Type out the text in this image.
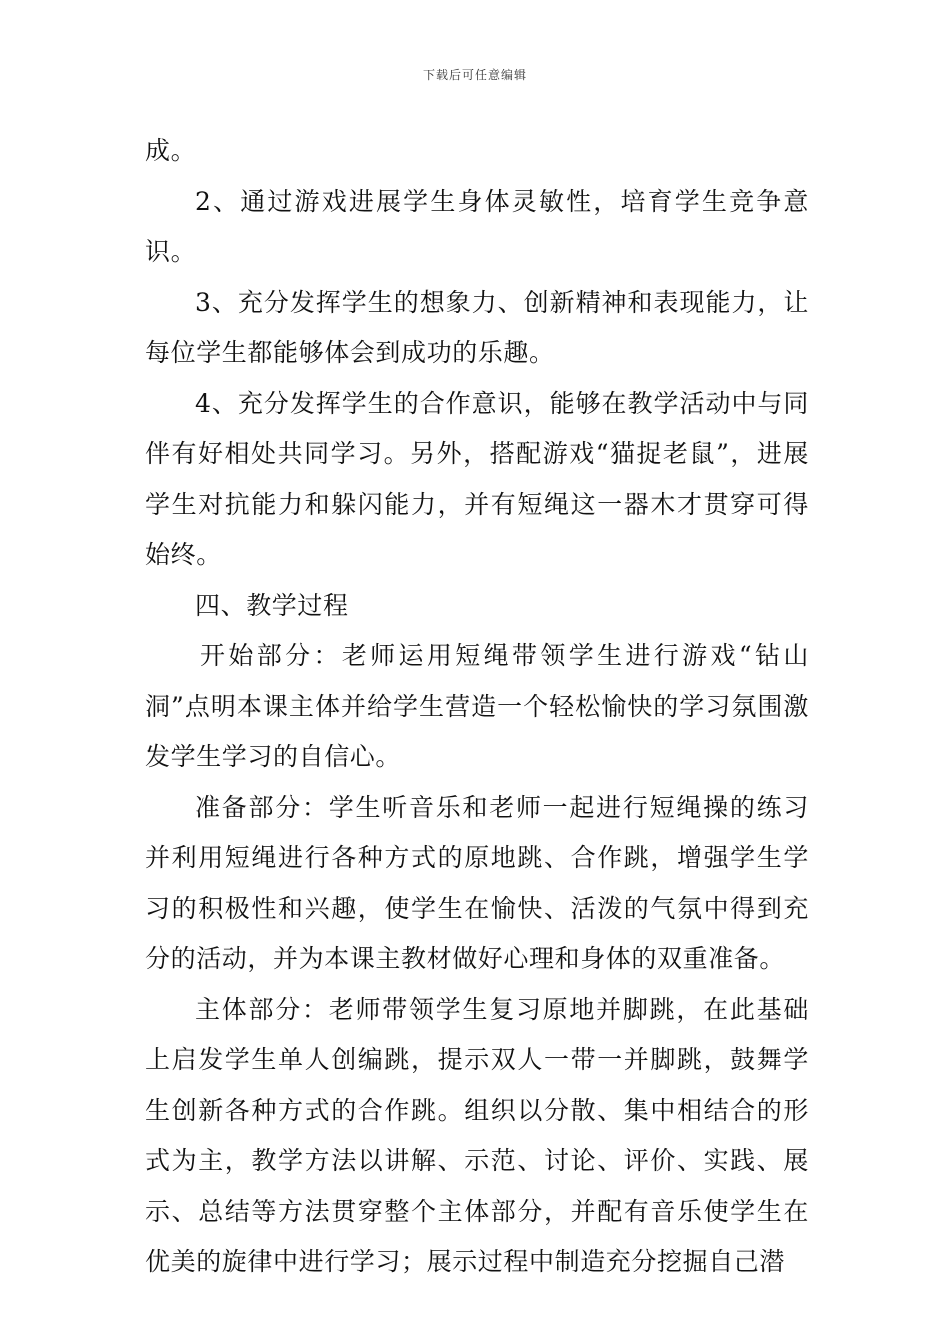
下载后可任意编辑

成。

2、通过游戏进展学生身体灵敏性，培育学生竞争意识。

3、充分发挥学生的想象力、创新精神和表现能力，让每位学生都能够体会到成功的乐趣。

4、充分发挥学生的合作意识，能够在教学活动中与同伴有好相处共同学习。另外，搭配游戏“猫捉老鼠”，进展学生对抗能力和躲闪能力，并有短绳这一器木才贯穿可得始终。

四、教学过程

开始部分：老师运用短绳带领学生进行游戏“钻山洞”点明本课主体并给学生营造一个轻松愉快的学习氛围激发学生学习的自信心。

准备部分：学生听音乐和老师一起进行短绳操的练习并利用短绳进行各种方式的原地跳、合作跳，增强学生学习的积极性和兴趣，使学生在愉快、活泼的气氛中得到充分的活动，并为本课主教材做好心理和身体的双重准备。

主体部分：老师带领学生复习原地并脚跳，在此基础上启发学生单人创编跳，提示双人一带一并脚跳，鼓舞学生创新各种方式的合作跳。组织以分散、集中相结合的形式为主，教学方法以讲解、示范、讨论、评价、实践、展示、总结等方法贯穿整个主体部分，并配有音乐使学生在优美的旋律中进行学习；展示过程中制造充分挖掘自己潜
